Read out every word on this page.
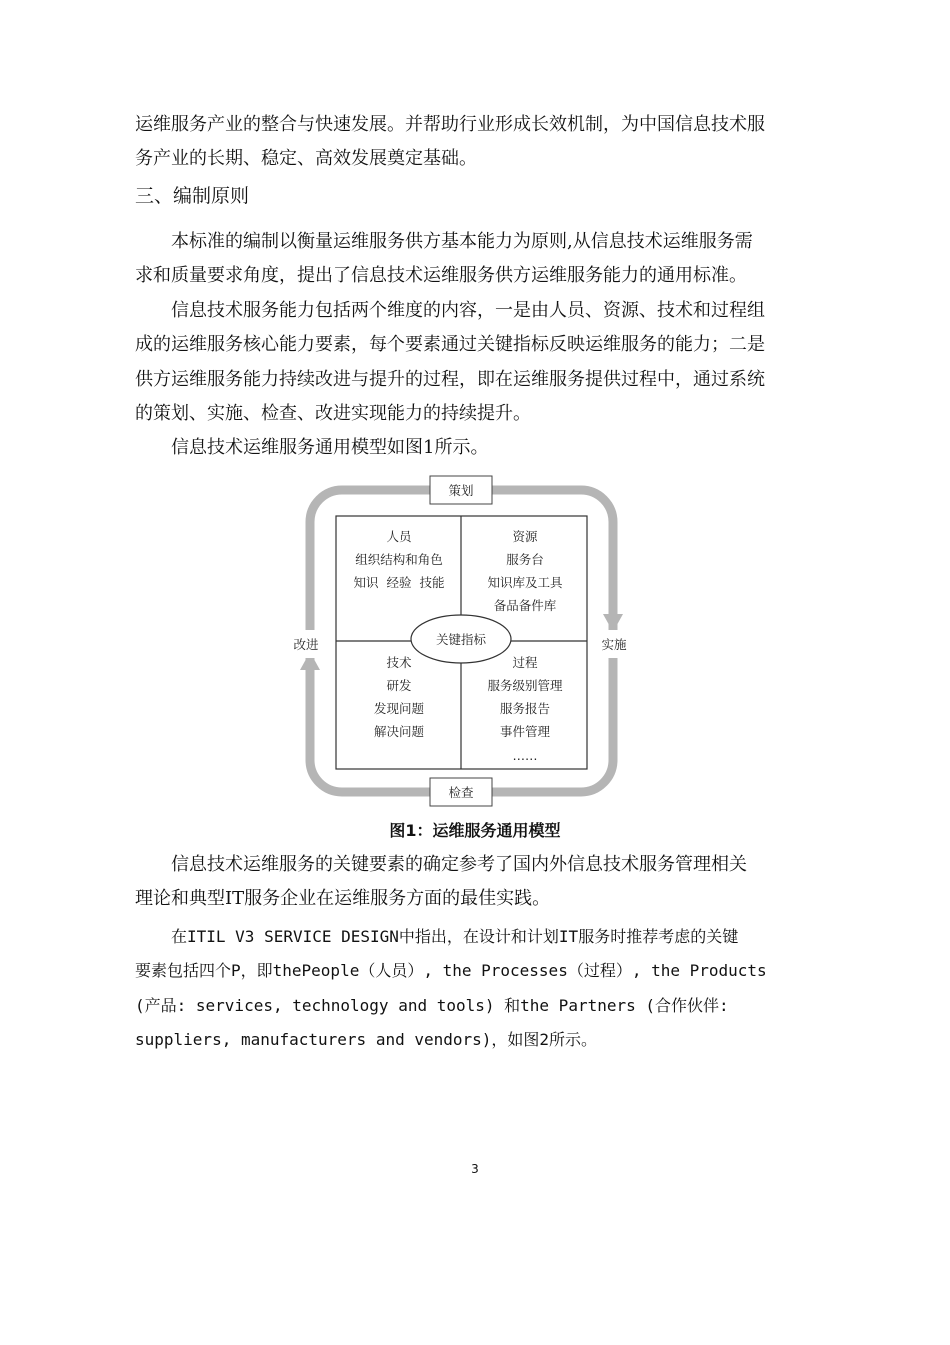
运维服务产业的整合与快速发展。并帮助行业形成长效机制，为中国信息技术服
务产业的长期、稳定、高效发展奠定基础。
三、编制原则
本标准的编制以衡量运维服务供方基本能力为原则,从信息技术运维服务需
求和质量要求角度，提出了信息技术运维服务供方运维服务能力的通用标准。
信息技术服务能力包括两个维度的内容，一是由人员、资源、技术和过程组
成的运维服务核心能力要素，每个要素通过关键指标反映运维服务的能力；二是
供方运维服务能力持续改进与提升的过程，即在运维服务提供过程中，通过系统
的策划、实施、检查、改进实现能力的持续提升。
信息技术运维服务通用模型如图1所示。
策划
实施
检查
改进	关键指标
人员
组织结构和角色
知识  经验  技能
资源
服务台
知识库及工具
备品备件库
技术
研发
发现问题
解决问题
过程
服务级别管理
服务报告
事件管理
……
图1：运维服务通用模型
信息技术运维服务的关键要素的确定参考了国内外信息技术服务管理相关
理论和典型IT服务企业在运维服务方面的最佳实践。
在ITIL V3 SERVICE DESIGN中指出，在设计和计划IT服务时推荐考虑的关键
要素包括四个P，即thePeople（人员）, the Processes（过程）, the Products
(产品: services, technology and tools) 和the Partners (合作伙伴:
suppliers, manufacturers and vendors)，如图2所示。
3
